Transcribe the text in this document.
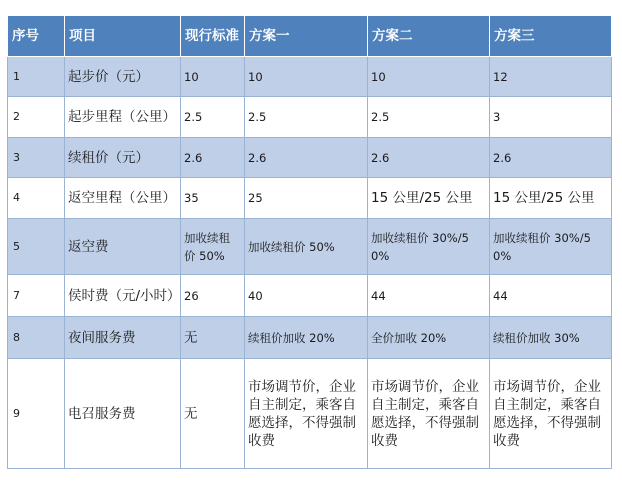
序号	项目	现行标准	方案一	方案二	方案三
1	起步价（元）	10	10	10	12
2	起步里程（公里）	2.5	2.5	2.5	3
3	续租价（元）	2.6	2.6	2.6	2.6
4	返空里程（公里）	35	25	15 公里/25 公里	15 公里/25 公里
5	返空费	加收续租价 50%	加收续租价 50%	加收续租价 30%/50%	加收续租价 30%/50%
7	侯时费（元/小时）	26	40	44	44
8	夜间服务费	无	续租价加收 20%	全价加收 20%	续租价加收 30%
9	电召服务费	无	市场调节价，企业自主制定，乘客自愿选择，不得强制收费	市场调节价，企业自主制定，乘客自愿选择，不得强制收费	市场调节价，企业自主制定，乘客自愿选择，不得强制收费
